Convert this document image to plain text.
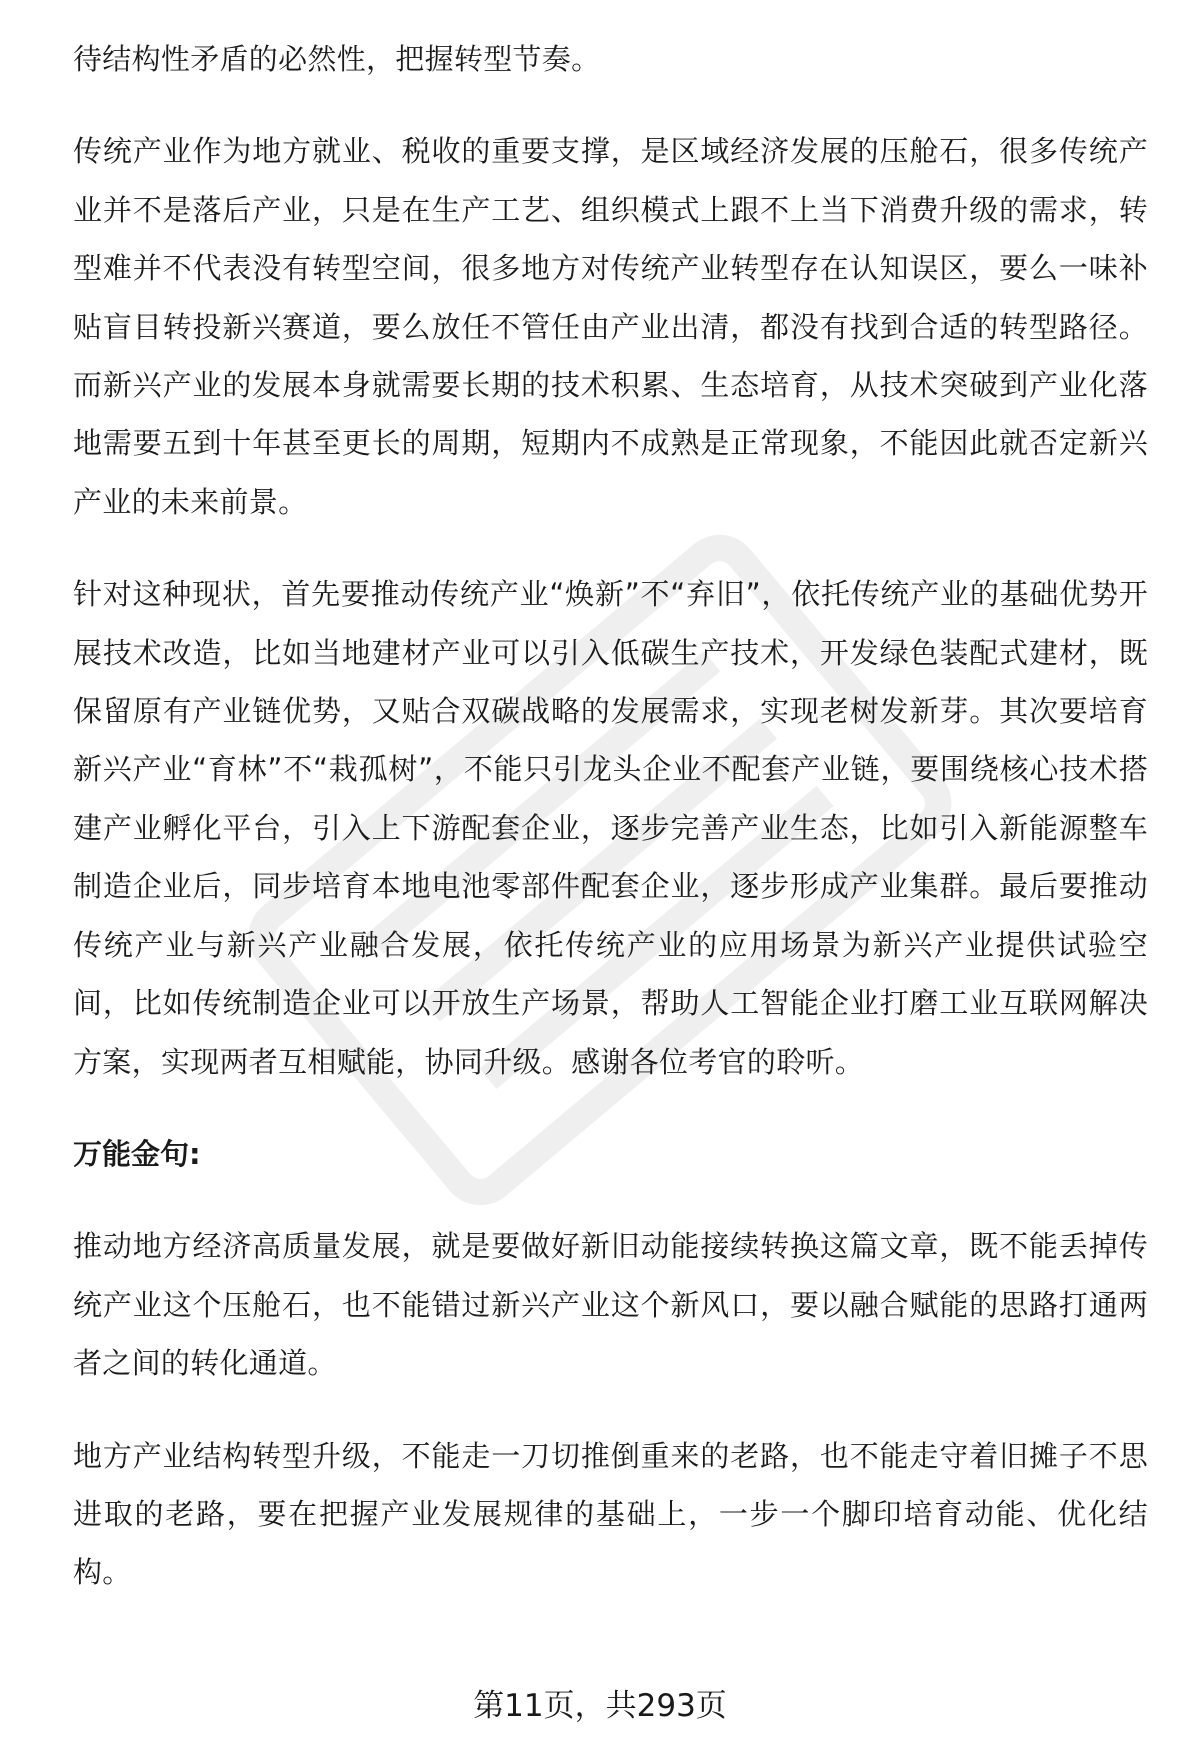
待结构性矛盾的必然性，把握转型节奏。

传统产业作为地方就业、税收的重要支撑，是区域经济发展的压舱石，很多传统产业并不是落后产业，只是在生产工艺、组织模式上跟不上当下消费升级的需求，转型难并不代表没有转型空间，很多地方对传统产业转型存在认知误区，要么一味补贴盲目转投新兴赛道，要么放任不管任由产业出清，都没有找到合适的转型路径。而新兴产业的发展本身就需要长期的技术积累、生态培育，从技术突破到产业化落地需要五到十年甚至更长的周期，短期内不成熟是正常现象，不能因此就否定新兴产业的未来前景。

针对这种现状，首先要推动传统产业“焕新”不“弃旧”，依托传统产业的基础优势开展技术改造，比如当地建材产业可以引入低碳生产技术，开发绿色装配式建材，既保留原有产业链优势，又贴合双碳战略的发展需求，实现老树发新芽。其次要培育新兴产业“育林”不“栽孤树”，不能只引龙头企业不配套产业链，要围绕核心技术搭建产业孵化平台，引入上下游配套企业，逐步完善产业生态，比如引入新能源整车制造企业后，同步培育本地电池零部件配套企业，逐步形成产业集群。最后要推动传统产业与新兴产业融合发展，依托传统产业的应用场景为新兴产业提供试验空间，比如传统制造企业可以开放生产场景，帮助人工智能企业打磨工业互联网解决方案，实现两者互相赋能，协同升级。感谢各位考官的聆听。

万能金句:

推动地方经济高质量发展，就是要做好新旧动能接续转换这篇文章，既不能丢掉传统产业这个压舱石，也不能错过新兴产业这个新风口，要以融合赋能的思路打通两者之间的转化通道。

地方产业结构转型升级，不能走一刀切推倒重来的老路，也不能走守着旧摊子不思进取的老路，要在把握产业发展规律的基础上，一步一个脚印培育动能、优化结构。

第11页，共293页
